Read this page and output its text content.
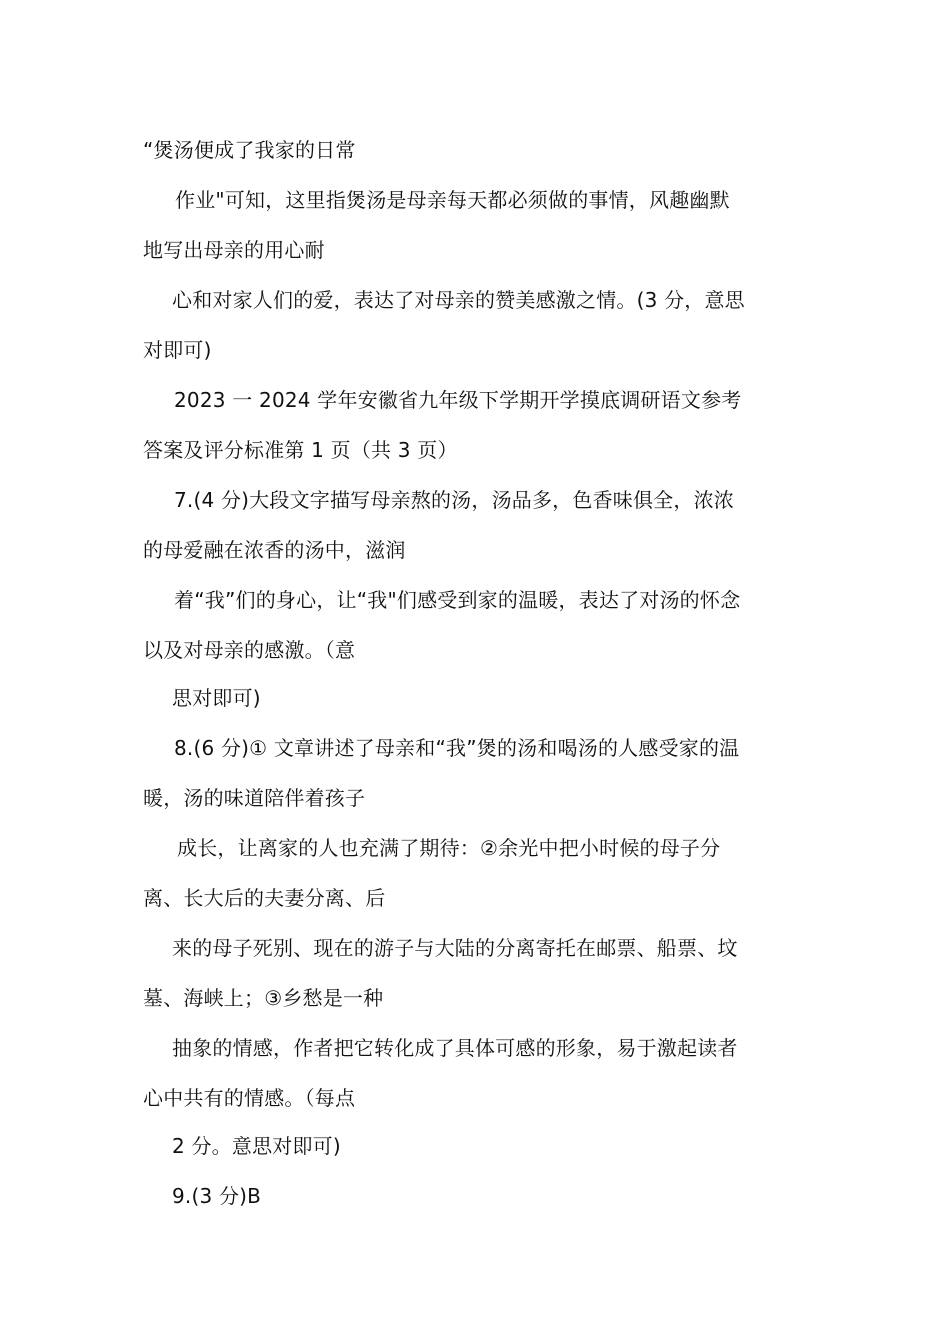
“煲汤便成了我家的日常
作业"可知，这里指煲汤是母亲每天都必须做的事情，风趣幽默
地写出母亲的用心耐
心和对家人们的爱，表达了对母亲的赞美感激之情。(3 分，意思
对即可)
2023 一 2024 学年安徽省九年级下学期开学摸底调研语文参考
答案及评分标准第 1 页（共 3 页）
7.(4 分)大段文字描写母亲熬的汤，汤品多，色香味俱全，浓浓
的母爱融在浓香的汤中，滋润
着“我”们的身心，让“我"们感受到家的温暖，表达了对汤的怀念
以及对母亲的感激。（意
思对即可)
8.(6 分)① 文章讲述了母亲和“我”煲的汤和喝汤的人感受家的温
暖，汤的味道陪伴着孩子
成长，让离家的人也充满了期待：②余光中把小时候的母子分
离、长大后的夫妻分离、后
来的母子死别、现在的游子与大陆的分离寄托在邮票、船票、坟
墓、海峡上；③乡愁是一种
抽象的情感，作者把它转化成了具体可感的形象，易于激起读者
心中共有的情感。（每点
2 分。意思对即可)
9.(3 分)B
